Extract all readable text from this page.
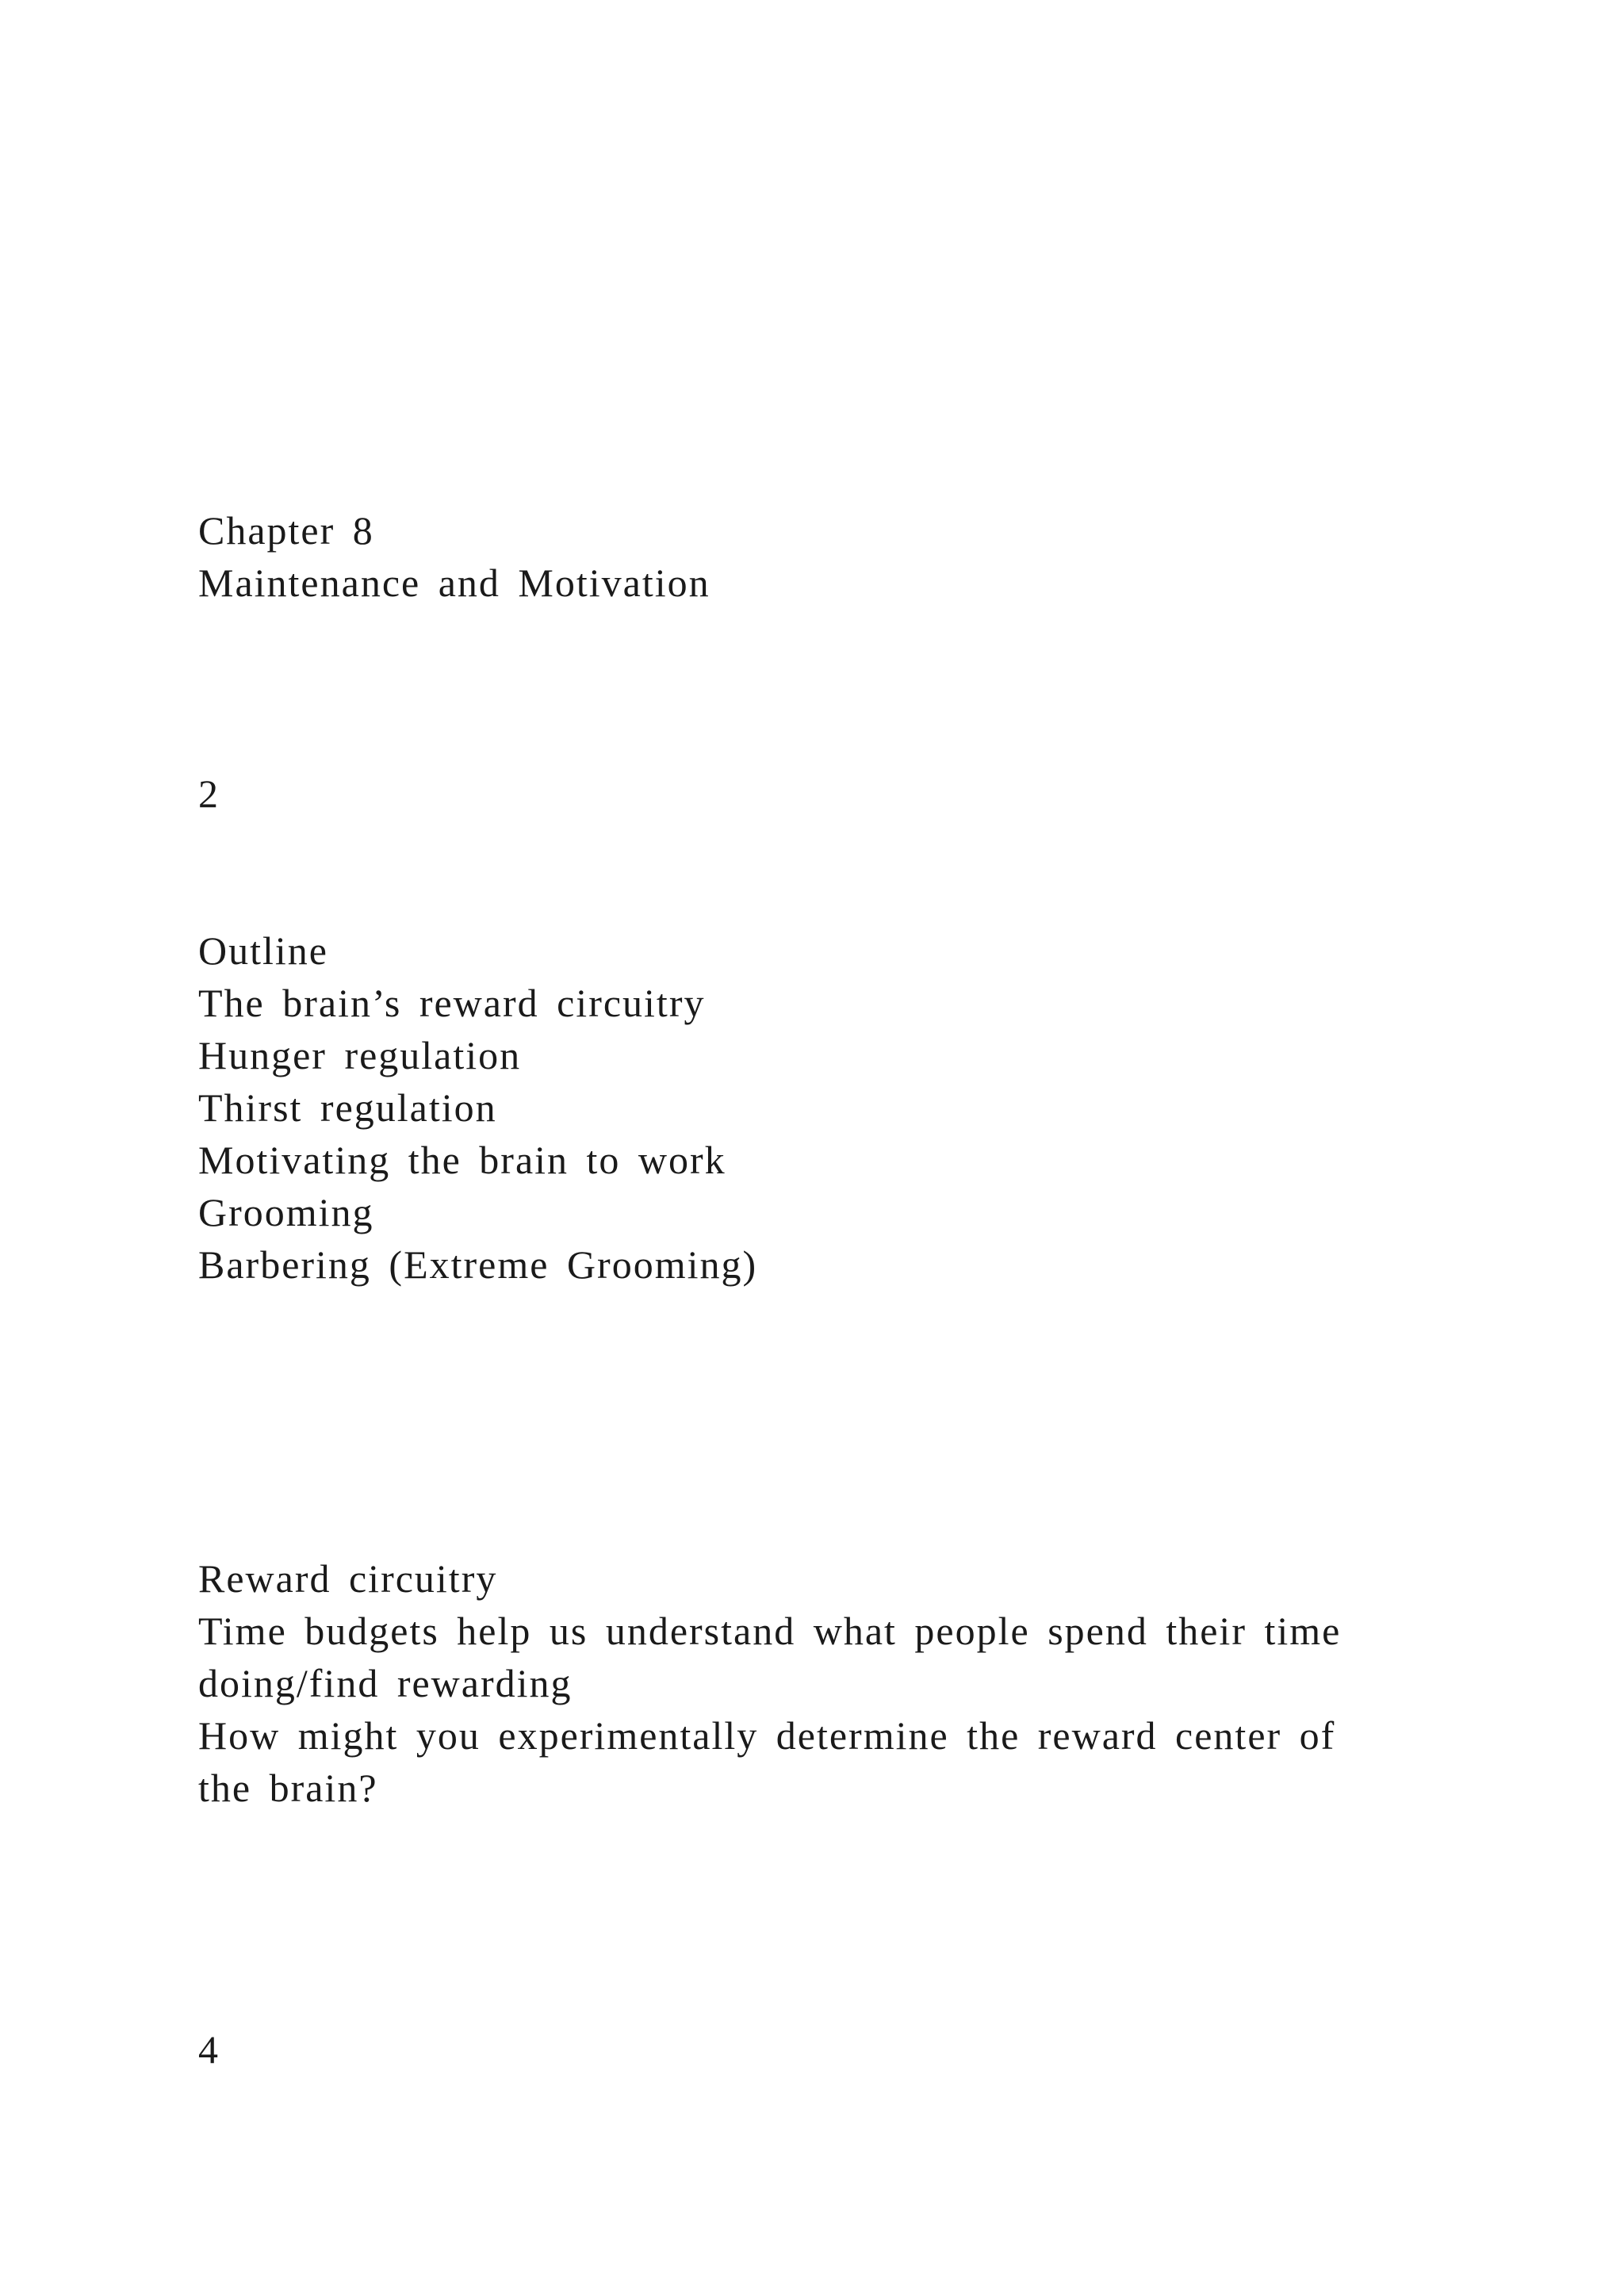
Chapter 8
Maintenance and Motivation
2
Outline
The brain’s reward circuitry
Hunger regulation
Thirst regulation
Motivating the brain to work
Grooming
Barbering (Extreme Grooming)
Reward circuitry
Time budgets help us understand what people spend their time
doing/find rewarding
How might you experimentally determine the reward center of
the brain?
4
